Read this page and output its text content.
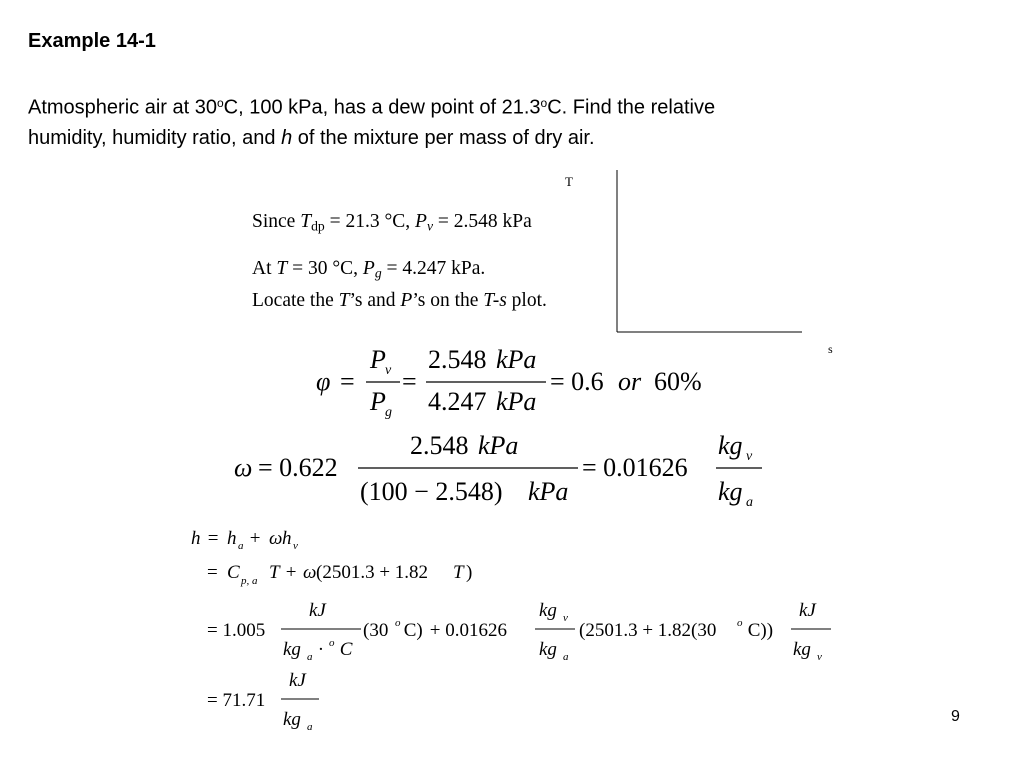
Example 14-1
Atmospheric air at 30$^o$C, 100 kPa, has a dew point of 21.3$^o$C. Find the relative
humidity, humidity ratio, and h of the mixture per mass of dry air.
Since $T_{dp} = 21.3$ °C, $P_v = 2.548$ kPa
At T = 30 °C, $P_g = 4.247$ kPa.
Locate the T’s and P’s on the T-s plot.
T
s
φ =
P v
P g
=
2.548 kPa
4.247 kPa
= 0.6 or 60%
ω = 0.622
2.548 kPa
(100 − 2.548) kPa
= 0.01626
kg v
kg a
h = h a + ω h v
= C p, a T + ω (2501.3 + 1.82 T )
= 1.005
kJ
kg a · o C
(30 o
C) + 0.01626
kg v
kg a
(2501.3 + 1.82(30 o C))
kJ
kg v
= 71.71
kJ
kg a
9
